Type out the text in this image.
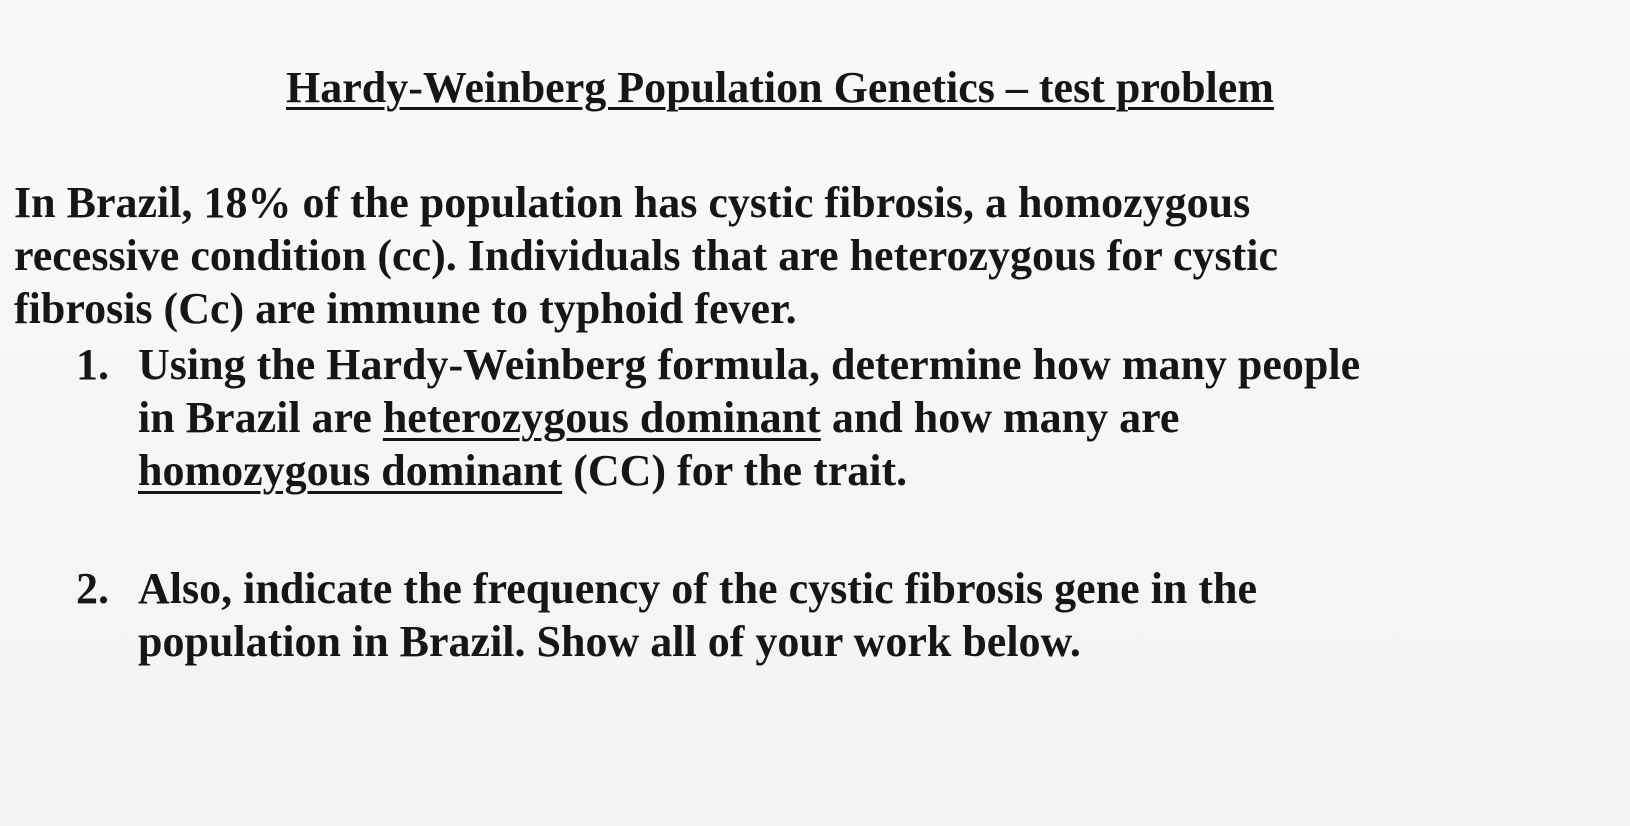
Hardy-Weinberg Population Genetics – test problem
In Brazil, 18% of the population has cystic fibrosis, a homozygous
recessive condition (cc). Individuals that are heterozygous for cystic
fibrosis (Cc) are immune to typhoid fever.
1. Using the Hardy-Weinberg formula, determine how many people
in Brazil are heterozygous dominant and how many are
homozygous dominant (CC) for the trait.
2. Also, indicate the frequency of the cystic fibrosis gene in the
population in Brazil. Show all of your work below.
